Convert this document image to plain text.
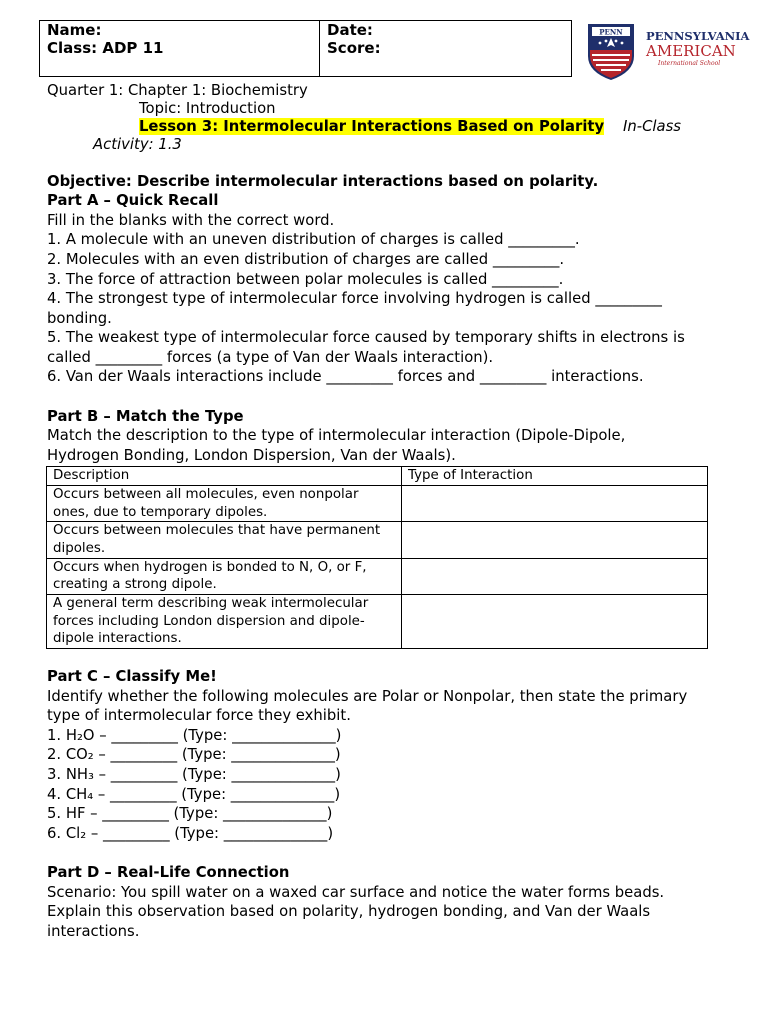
Name:
Class: ADP 11
Date:
Score:
PENN PENNSYLVANIA
AMERICAN
International School
Quarter 1: Chapter 1: Biochemistry
Topic: Introduction
Lesson 3: Intermolecular Interactions Based on Polarity In-Class
Activity: 1.3
Objective: Describe intermolecular interactions based on polarity.
Part A – Quick Recall
Fill in the blanks with the correct word.
1. A molecule with an uneven distribution of charges is called _________.
2. Molecules with an even distribution of charges are called _________.
3. The force of attraction between polar molecules is called _________.
4. The strongest type of intermolecular force involving hydrogen is called _________
bonding.
5. The weakest type of intermolecular force caused by temporary shifts in electrons is
called _________ forces (a type of Van der Waals interaction).
6. Van der Waals interactions include _________ forces and _________ interactions.
Part B – Match the Type
Match the description to the type of intermolecular interaction (Dipole-Dipole,
Hydrogen Bonding, London Dispersion, Van der Waals).
Description	Type of Interaction
Occurs between all molecules, even nonpolar ones, due to temporary dipoles.	
Occurs between molecules that have permanent dipoles.	
Occurs when hydrogen is bonded to N, O, or F, creating a strong dipole.	
A general term describing weak intermolecular forces including London dispersion and dipole-dipole interactions.	
Part C – Classify Me!
Identify whether the following molecules are Polar or Nonpolar, then state the primary
type of intermolecular force they exhibit.
1. H₂O – _________ (Type: ______________)
2. CO₂ – _________ (Type: ______________)
3. NH₃ – _________ (Type: ______________)
4. CH₄ – _________ (Type: ______________)
5. HF – _________ (Type: ______________)
6. Cl₂ – _________ (Type: ______________)
Part D – Real-Life Connection
Scenario: You spill water on a waxed car surface and notice the water forms beads.
Explain this observation based on polarity, hydrogen bonding, and Van der Waals
interactions.
